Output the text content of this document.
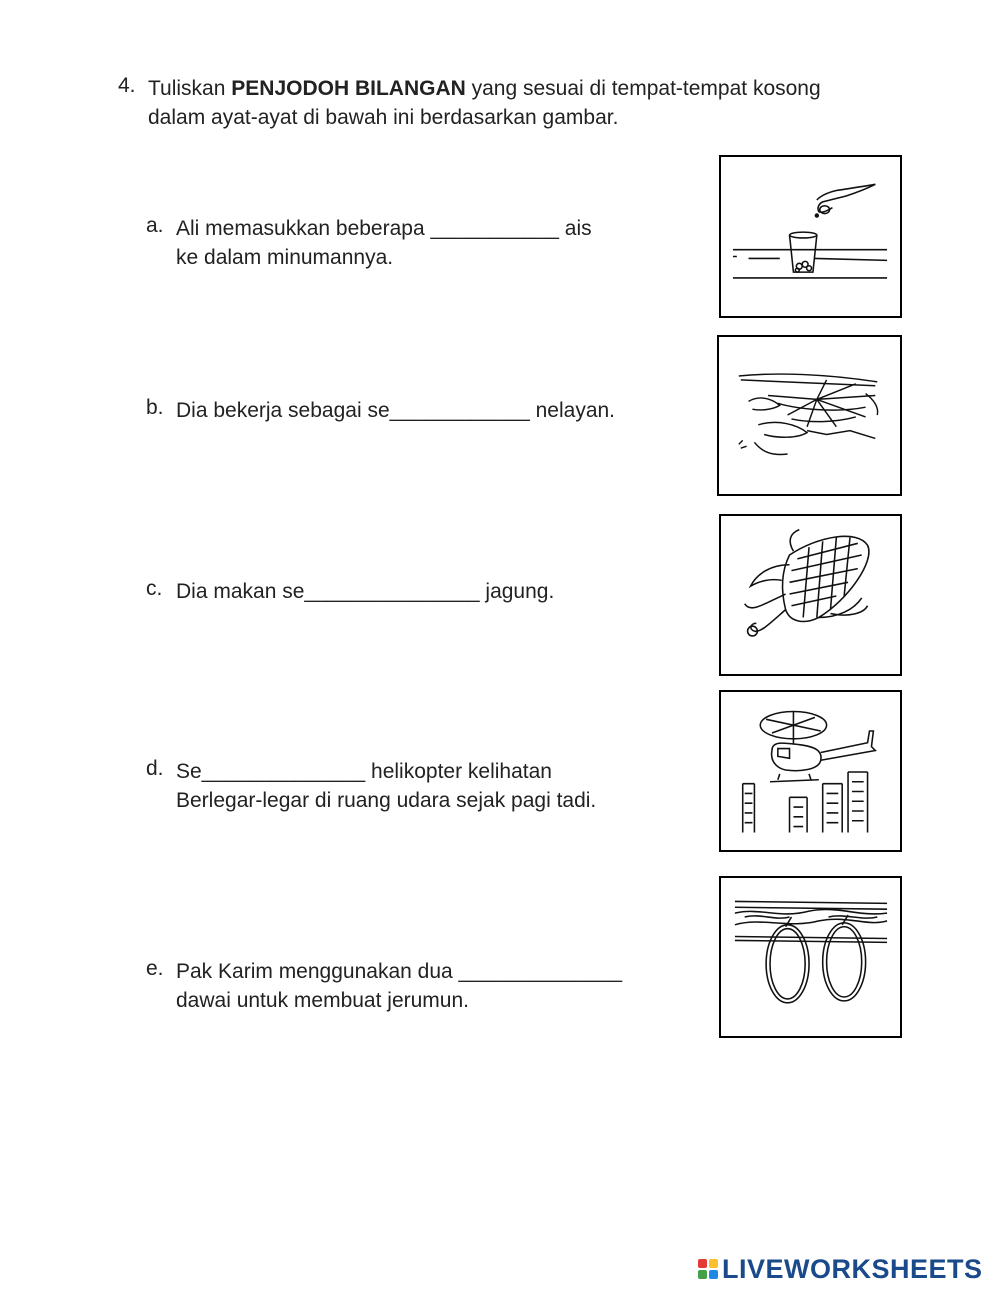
4. Tuliskan PENJODOH BILANGAN yang sesuai di tempat-tempat kosong
dalam ayat-ayat di bawah ini berdasarkan gambar.
a. Ali memasukkan beberapa ___________ ais
ke dalam minumannya.
b. Dia bekerja sebagai se____________ nelayan.
c. Dia makan se_______________ jagung.
d. Se______________ helikopter kelihatan
Berlegar-legar di ruang udara sejak pagi tadi.
e. Pak Karim menggunakan dua ______________
dawai untuk membuat jerumun.
LIVEWORKSHEETS
